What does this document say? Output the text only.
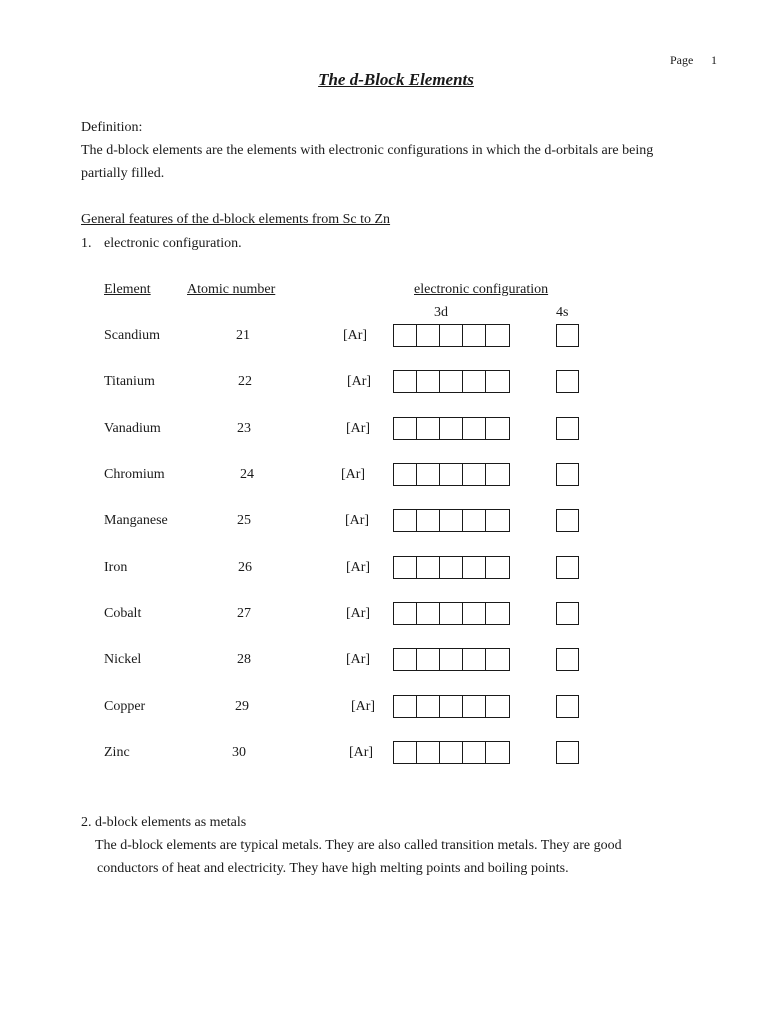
Page 1
The d-Block Elements
Definition:
The d-block elements are the elements with electronic configurations in which the d-orbitals are being
partially filled.
General features of the d-block elements from Sc to Zn
1. electronic configuration.
Element	Atomic number	electronic configuration
3d	4s
Scandium	21	[Ar]
Titanium	22	[Ar]
Vanadium	23	[Ar]
Chromium	24	[Ar]
Manganese	25	[Ar]
Iron	26	[Ar]
Cobalt	27	[Ar]
Nickel	28	[Ar]
Copper	29	[Ar]
Zinc	30	[Ar]
2. d-block elements as metals
The d-block elements are typical metals. They are also called transition metals. They are good
conductors of heat and electricity. They have high melting points and boiling points.
